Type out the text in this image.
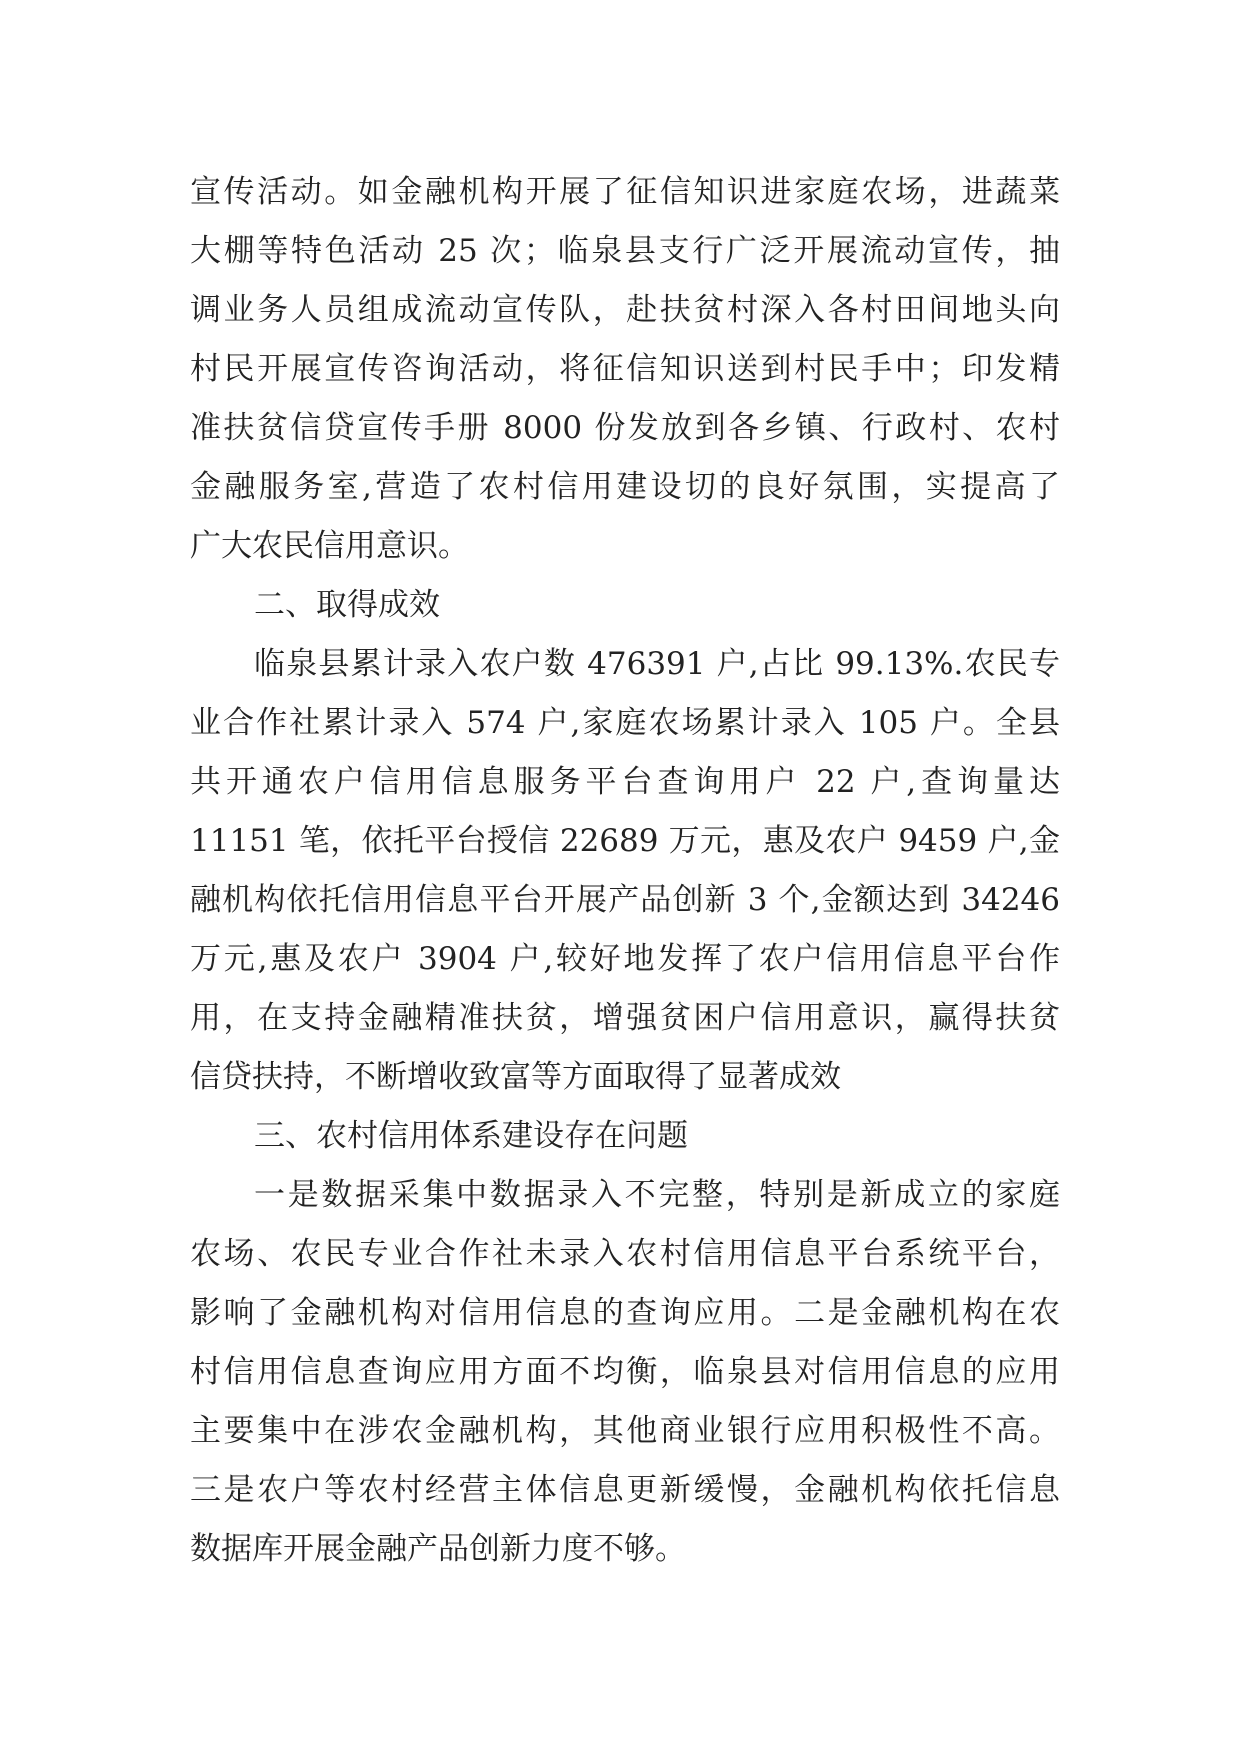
宣传活动。如金融机构开展了征信知识进家庭农场，进蔬菜
大棚等特色活动 25 次；临泉县支行广泛开展流动宣传，抽
调业务人员组成流动宣传队，赴扶贫村深入各村田间地头向
村民开展宣传咨询活动，将征信知识送到村民手中；印发精
准扶贫信贷宣传手册 8000 份发放到各乡镇、行政村、农村
金融服务室,营造了农村信用建设切的良好氛围，实提高了
广大农民信用意识。
二、取得成效
临泉县累计录入农户数 476391 户,占比 99.13%.农民专
业合作社累计录入 574 户,家庭农场累计录入 105 户。全县
共开通农户信用信息服务平台查询用户 22 户,查询量达
11151 笔，依托平台授信 22689 万元，惠及农户 9459 户,金
融机构依托信用信息平台开展产品创新 3 个,金额达到 34246
万元,惠及农户 3904 户,较好地发挥了农户信用信息平台作
用，在支持金融精准扶贫，增强贫困户信用意识，赢得扶贫
信贷扶持，不断增收致富等方面取得了显著成效
三、农村信用体系建设存在问题
一是数据采集中数据录入不完整，特别是新成立的家庭
农场、农民专业合作社未录入农村信用信息平台系统平台，
影响了金融机构对信用信息的查询应用。二是金融机构在农
村信用信息查询应用方面不均衡，临泉县对信用信息的应用
主要集中在涉农金融机构，其他商业银行应用积极性不高。
三是农户等农村经营主体信息更新缓慢，金融机构依托信息
数据库开展金融产品创新力度不够。
